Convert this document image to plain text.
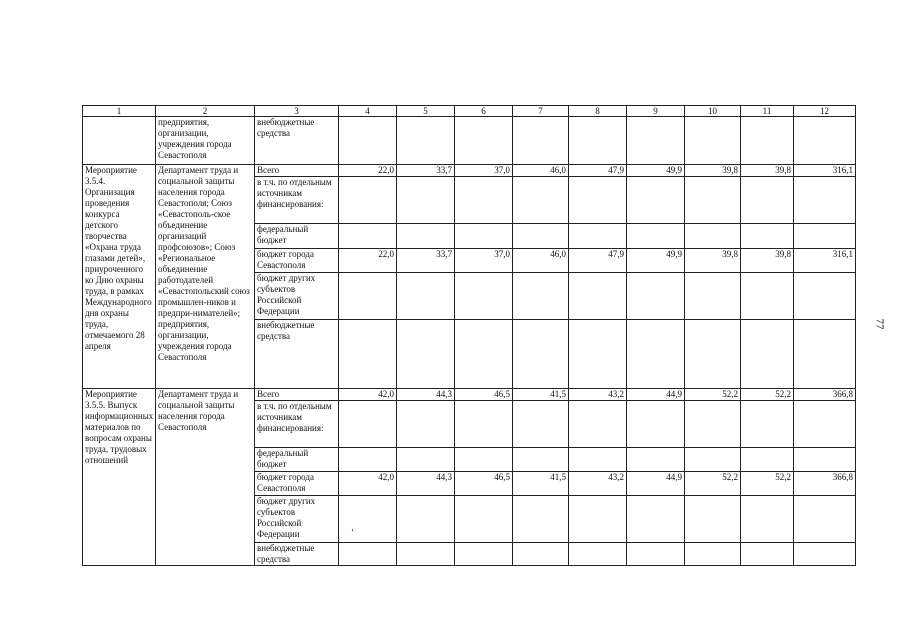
1	2	3	4	5	6	7	8	9	10	11	12
	предприятия, организации, учреждения города Севастополя	внебюджетные средства									
Мероприятие 3.5.4. Организация проведения конкурса детского творчества «Охрана труда глазами детей», приуроченного ко Дню охраны труда, в рамках Международного дня охраны труда, отмечаемого 28 апреля	Департамент труда и социальной защиты населения города Севастополя; Союз «Севастополь-ское объединение организаций профсоюзов»; Союз «Региональное объединение работодателей «Севастопольский союз промышлен-ников и предпри-нимателей»; предприятия, организации, учреждения города Севастополя	Всего	22,0	33,7	37,0	46,0	47,9	49,9	39,8	39,8	316,1
		в т.ч. по отдельным источникам финансирования:									
		федеральный бюджет									
		бюджет города Севастополя	22,0	33,7	37,0	46,0	47,9	49,9	39,8	39,8	316,1
		бюджет других субъектов Российской Федерации									
		внебюджетные средства									
Мероприятие 3.5.5. Выпуск информационных материалов по вопросам охраны труда, трудовых отношений	Департамент труда и социальной защиты населения города Севастополя	Всего	42,0	44,3	46,5	41,5	43,2	44,9	52,2	52,2	366,8
		в т.ч. по отдельным источникам финансирования:									
		федеральный бюджет									
		бюджет города Севастополя	42,0	44,3	46,5	41,5	43,2	44,9	52,2	52,2	366,8
		бюджет других субъектов Российской Федерации									
		внебюджетные средства									
‘
77
